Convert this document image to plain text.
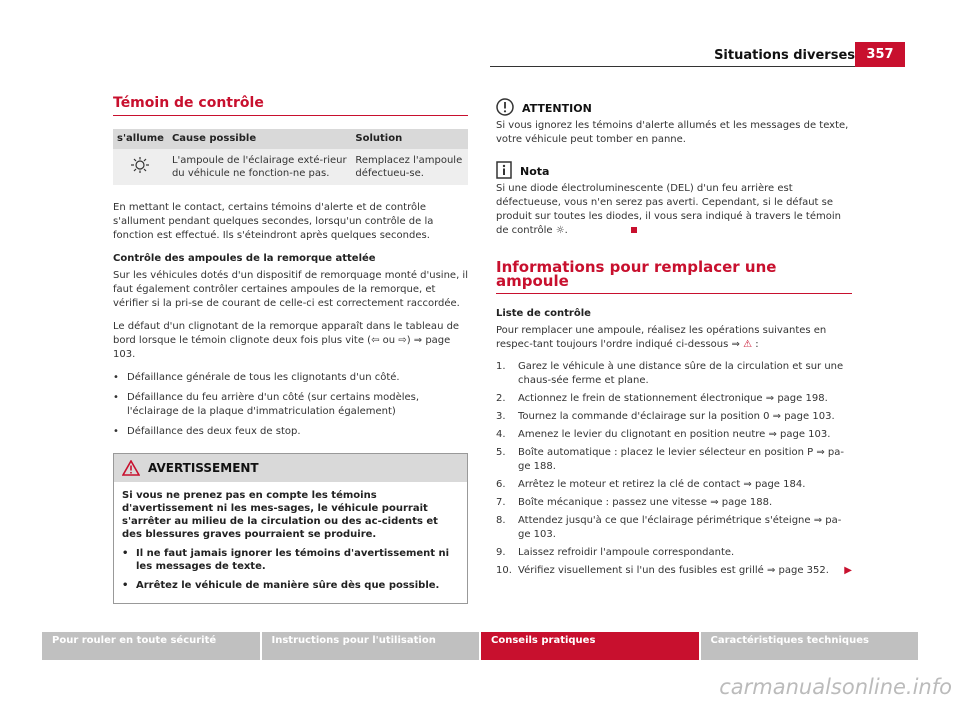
Situations diverses 357
Témoin de contrôle
s'allume	Cause possible	Solution
	L'ampoule de l'éclairage exté-rieur du véhicule ne fonction-ne pas.	Remplacez l'ampoule défectueu-se.

En mettant le contact, certains témoins d'alerte et de contrôle s'allument pendant quelques secondes, lorsqu'un contrôle de la fonction est effectué. Ils s'éteindront après quelques secondes.

Contrôle des ampoules de la remorque attelée

Sur les véhicules dotés d'un dispositif de remorquage monté d'usine, il faut également contrôler certaines ampoules de la remorque, et vérifier si la pri-se de courant de celle-ci est correctement raccordée.

Le défaut d'un clignotant de la remorque apparaît dans le tableau de bord lorsque le témoin clignote deux fois plus vite (⇦ ou ⇨) ⇒ page 103.

• Défaillance générale de tous les clignotants d'un côté.
• Défaillance du feu arrière d'un côté (sur certains modèles, l'éclairage de la plaque d'immatriculation également)
• Défaillance des deux feux de stop.
AVERTISSEMENT

Si vous ne prenez pas en compte les témoins d'avertissement ni les mes-sages, le véhicule pourrait s'arrêter au milieu de la circulation ou des ac-cidents et des blessures graves pourraient se produire.

• Il ne faut jamais ignorer les témoins d'avertissement ni les messages de texte.
• Arrêtez le véhicule de manière sûre dès que possible.
ATTENTION

Si vous ignorez les témoins d'alerte allumés et les messages de texte, votre véhicule peut tomber en panne.

Nota

Si une diode électroluminescente (DEL) d'un feu arrière est défectueuse, vous n'en serez pas averti. Cependant, si le défaut se produit sur toutes les diodes, il vous sera indiqué à travers le témoin de contrôle ☼.

Informations pour remplacer une ampoule
Liste de contrôle

Pour remplacer une ampoule, réalisez les opérations suivantes en respec-tant toujours l'ordre indiqué ci-dessous ⇒ ⚠ :

1.	Garez le véhicule à une distance sûre de la circulation et sur une chaus-sée ferme et plane.
2.	Actionnez le frein de stationnement électronique ⇒ page 198.
3.	Tournez la commande d'éclairage sur la position 0 ⇒ page 103.
4.	Amenez le levier du clignotant en position neutre ⇒ page 103.
5.	Boîte automatique : placez le levier sélecteur en position P ⇒ pa-ge 188.
6.	Arrêtez le moteur et retirez la clé de contact ⇒ page 184.
7.	Boîte mécanique : passez une vitesse ⇒ page 188.
8.	Attendez jusqu'à ce que l'éclairage périmétrique s'éteigne ⇒ pa-ge 103.
9.	Laissez refroidir l'ampoule correspondante.
10. Vérifiez visuellement si l'un des fusibles est grillé ⇒ page 352. ▶
Pour rouler en toute sécurité	Instructions pour l'utilisation	Conseils pratiques	Caractéristiques techniques
carmanualsonline.info
